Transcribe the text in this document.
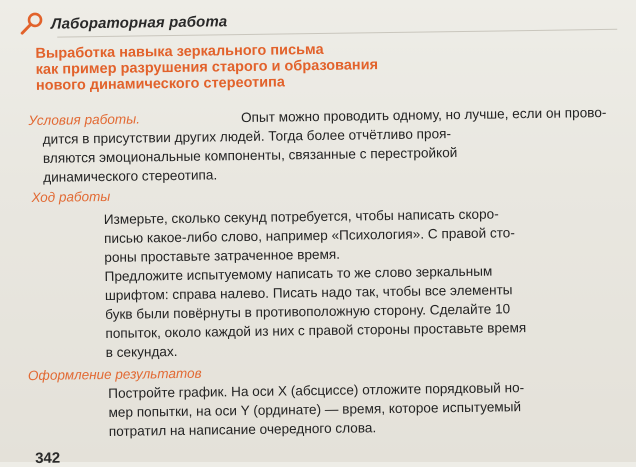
Лабораторная работа
Выработка навыка зеркального письма
как пример разрушения старого и образования
нового динамического стереотипа
Условия работы.	Опыт можно проводить одному, но лучше, если он прово-
дится в присутствии других людей. Тогда более отчётливо проя-
вляются эмоциональные компоненты, связанные с перестройкой
динамического стереотипа.
Ход работы
Измерьте, сколько секунд потребуется, чтобы написать скоро-
писью какое-либо слово, например «Психология». С правой сто-
роны проставьте затраченное время.
Предложите испытуемому написать то же слово зеркальным
шрифтом: справа налево. Писать надо так, чтобы все элементы
букв были повёрнуты в противоположную сторону. Сделайте 10
попыток, около каждой из них с правой стороны проставьте время
в секундах.
Оформление результатов
Постройте график. На оси X (абсциссе) отложите порядковый но-
мер попытки, на оси Y (ординате) — время, которое испытуемый
потратил на написание очередного слова.
342
